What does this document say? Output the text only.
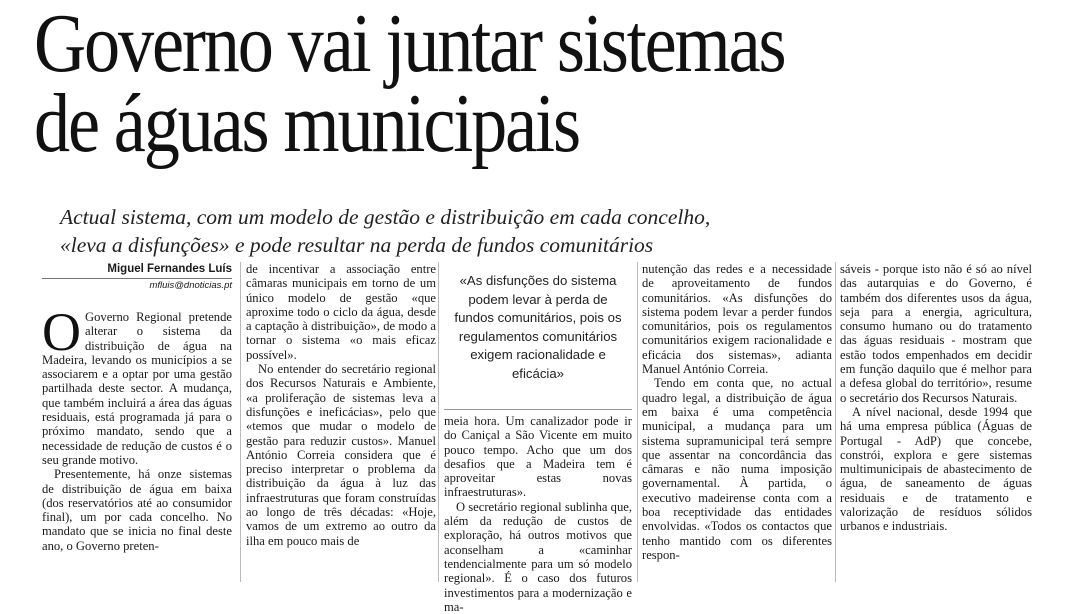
Governo vai juntar sistemas
de águas municipais
Actual sistema, com um modelo de gestão e distribuição em cada concelho,
«leva a disfunções» e pode resultar na perda de fundos comunitários
Miguel Fernandes Luís
mfluis@dnoticias.pt

O Governo Regional pretende alterar o sistema da distribuição de água na Madeira, levando os municípios a se associarem e a optar por uma gestão partilhada deste sector. A mudança, que também incluirá a área das águas residuais, está programada já para o próximo mandato, sendo que a necessidade de redução de custos é o seu grande motivo.

Presentemente, há onze sistemas de distribuição de água em baixa (dos reservatórios até ao consumidor final), um por cada concelho. No mandato que se inicia no final deste ano, o Governo preten-

de incentivar a associação entre câmaras municipais em torno de um único modelo de gestão «que aproxime todo o ciclo da água, desde a captação à distribuição», de modo a tornar o sistema «o mais eficaz possível».

No entender do secretário regional dos Recursos Naturais e Ambiente, «a proliferação de sistemas leva a disfunções e ineficácias», pelo que «temos que mudar o modelo de gestão para reduzir custos». Manuel António Correia considera que é preciso interpretar o problema da distribuição da água à luz das infraestruturas que foram construídas ao longo de três décadas: «Hoje, vamos de um extremo ao outro da ilha em pouco mais de

«As disfunções do sistema podem levar à perda de fundos comunitários, pois os regulamentos comunitários exigem racionalidade e eficácia»

meia hora. Um canalizador pode ir do Caniçal a São Vicente em muito pouco tempo. Acho que um dos desafios que a Madeira tem é aproveitar estas novas infraestruturas».

O secretário regional sublinha que, além da redução de custos de exploração, há outros motivos que aconselham a «caminhar tendencialmente para um só modelo regional». É o caso dos futuros investimentos para a modernização e ma-

nutenção das redes e a necessidade de aproveitamento de fundos comunitários. «As disfunções do sistema podem levar a perder fundos comunitários, pois os regulamentos comunitários exigem racionalidade e eficácia dos sistemas», adianta Manuel António Correia.

Tendo em conta que, no actual quadro legal, a distribuição de água em baixa é uma competência municipal, a mudança para um sistema supramunicipal terá sempre que assentar na concordância das câmaras e não numa imposição governamental. À partida, o executivo madeirense conta com a boa receptividade das entidades envolvidas. «Todos os contactos que tenho mantido com os diferentes respon-

sáveis - porque isto não é só ao nível das autarquias e do Governo, é também dos diferentes usos da água, seja para a energia, agricultura, consumo humano ou do tratamento das águas residuais - mostram que estão todos empenhados em decidir em função daquilo que é melhor para a defesa global do território», resume o secretário dos Recursos Naturais.

A nível nacional, desde 1994 que há uma empresa pública (Águas de Portugal - AdP) que concebe, constrói, explora e gere sistemas multimunicipais de abastecimento de água, de saneamento de águas residuais e de tratamento e valorização de resíduos sólidos urbanos e industriais.
